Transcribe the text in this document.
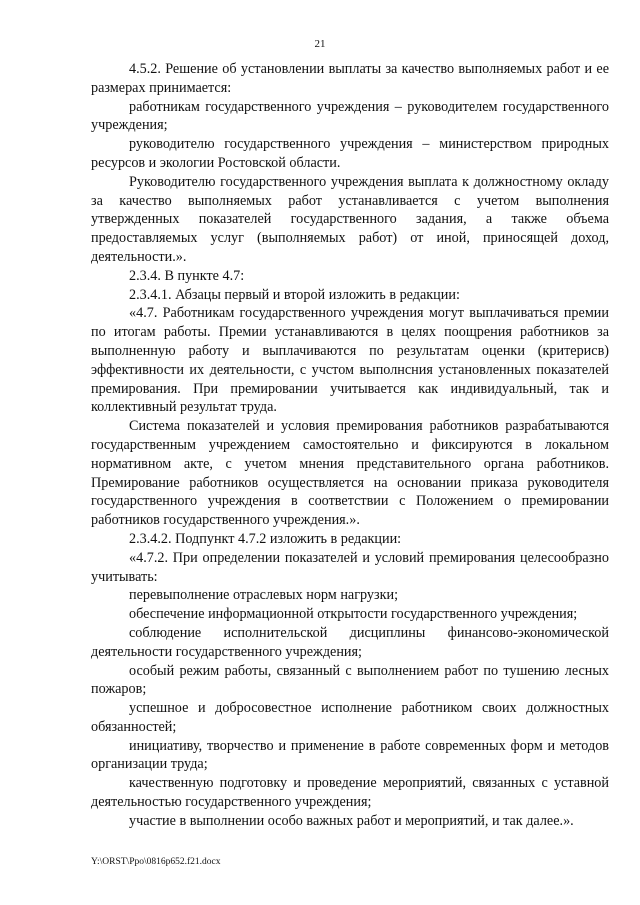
21

4.5.2. Решение об установлении выплаты за качество выполняемых работ и ее размерах принимается:

работникам государственного учреждения – руководителем государственного учреждения;

руководителю государственного учреждения – министерством природных ресурсов и экологии Ростовской области.

Руководителю государственного учреждения выплата к должностному окладу за качество выполняемых работ устанавливается с учетом выполнения утвержденных показателей государственного задания, а также объема предоставляемых услуг (выполняемых работ) от иной, приносящей доход, деятельности.».

2.3.4. В пункте 4.7:

2.3.4.1. Абзацы первый и второй изложить в редакции:

«4.7. Работникам государственного учреждения могут выплачиваться премии по итогам работы. Премии устанавливаются в целях поощрения работников за выполненную работу и выплачиваются по результатам оценки (критерисв) эффективности их деятельности, с учстом выполнсния установленных показателей премирования. При премировании учитывается как индивидуальный, так и коллективный результат труда.

Система показателей и условия премирования работников разрабатываются государственным учреждением самостоятельно и фиксируются в локальном нормативном акте, с учетом мнения представительного органа работников. Премирование работников осуществляется на основании приказа руководителя государственного учреждения в соответствии с Положением о премировании работников государственного учреждения.».

2.3.4.2. Подпункт 4.7.2 изложить в редакции:

«4.7.2. При определении показателей и условий премирования целесообразно учитывать:

перевыполнение отраслевых норм нагрузки;

обеспечение информационной открытости государственного учреждения;

соблюдение исполнительской дисциплины финансово-экономической деятельности государственного учреждения;

особый режим работы, связанный с выполнением работ по тушению лесных пожаров;

успешное и добросовестное исполнение работником своих должностных обязанностей;

инициативу, творчество и применение в работе современных форм и методов организации труда;

качественную подготовку и проведение мероприятий, связанных с уставной деятельностью государственного учреждения;

участие в выполнении особо важных работ и мероприятий, и так далее.».

Y:\ORST\Ppo\0816p652.f21.docx
